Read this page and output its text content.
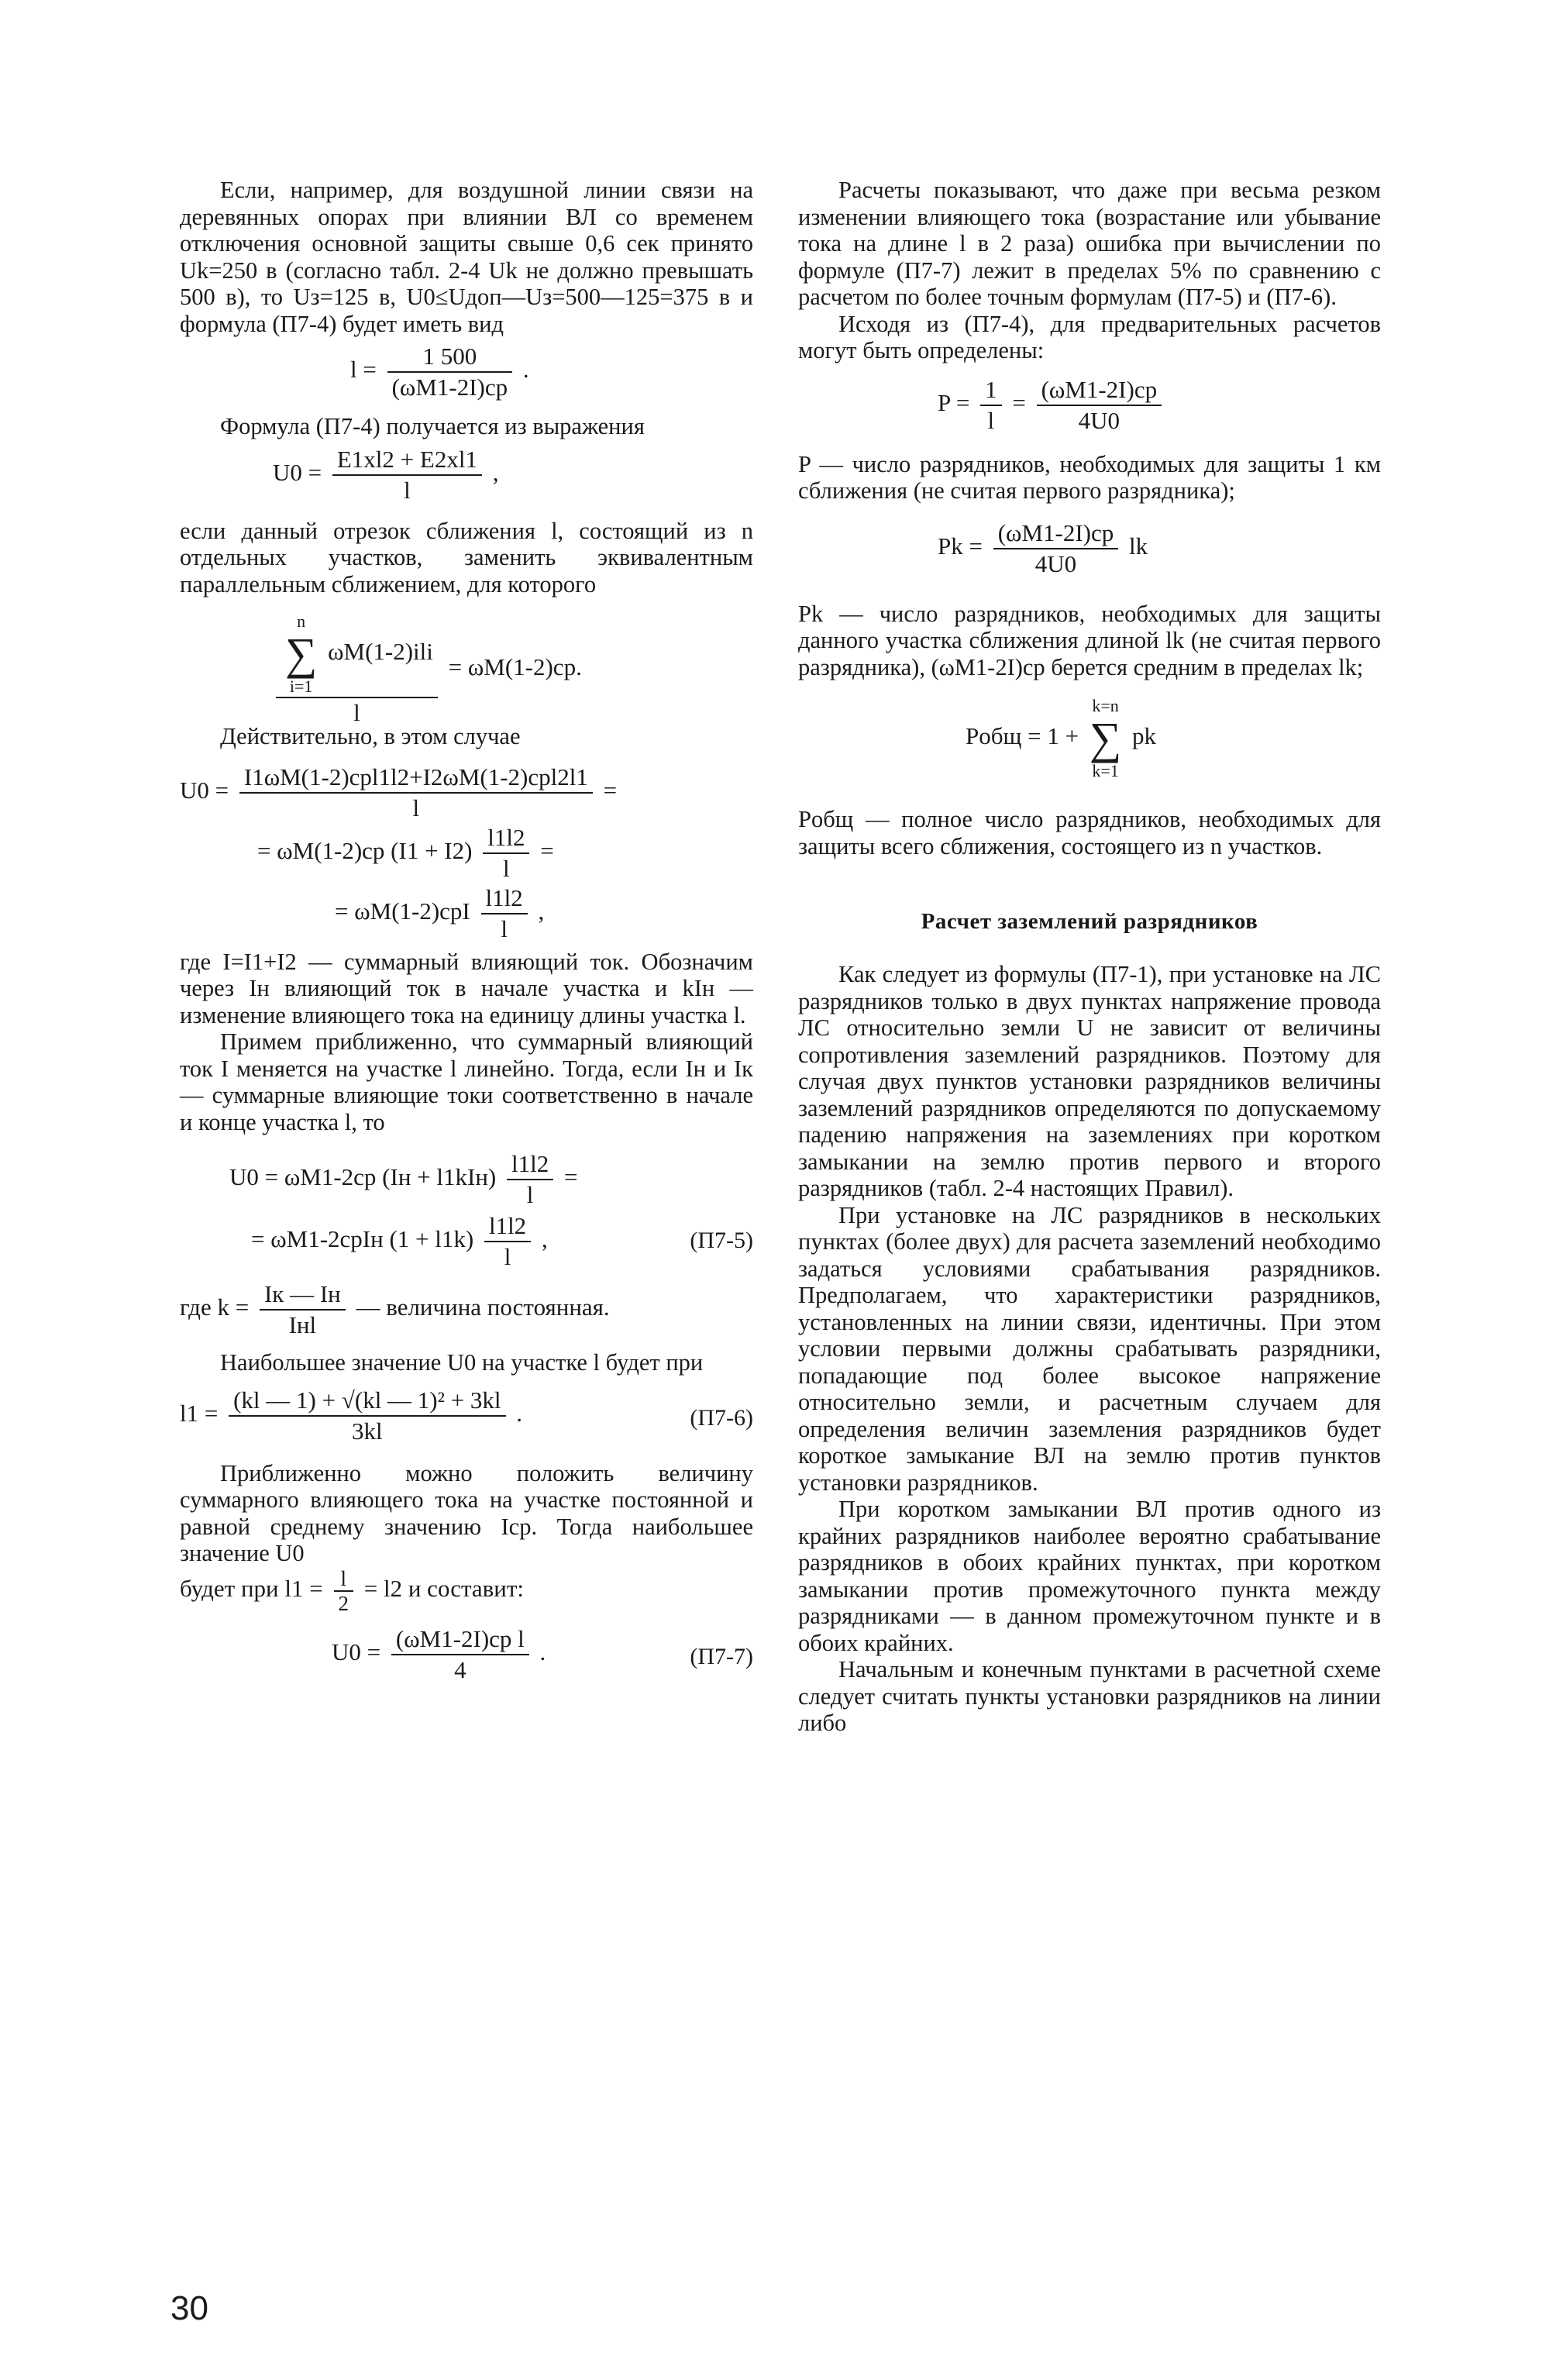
Если, например, для воздушной линии связи на деревянных опорах при влиянии ВЛ со временем отключения основной защиты свыше 0,6 сек принято Uk=250 в (согласно табл. 2-4 Uk не должно превышать 500 в), то Uз=125 в, U0≤Uдоп—Uз=500—125=375 в и формула (П7-4) будет иметь вид

l =	1 500
(ωM1-2I)ср
.

Формула (П7-4) получается из выражения

$U0 = \frac{E1xl2 + E2xl1}{l}$ ,

если данный отрезок сближения l, состоящий из n отдельных участков, заменить эквивалентным параллельным сближением, для которого

n
∑
i=1
ωM(1-2)ili
l
= ωM(1-2)ср.

Действительно, в этом случае

U0 = I1ωM(1-2)срl1l2+I2ωM(1-2)срl2l1
l
=
= ωM(1-2)ср $(I1 + I2) \frac{l1l2}{l}$ =
= $\omega M(1-2)срI \frac{l1l2}{l}$ ,

где I=I1+I2 — суммарный влияющий ток. Обозначим через Iн влияющий ток в начале участка и kIн — изменение влияющего тока на единицу длины участка l.

Примем приближенно, что суммарный влияющий ток I меняется на участке l линейно. Тогда, если Iн и Iк — суммарные влияющие токи соответственно в начале и конце участка l, то

U0 = ωM1-2ср $(Iн + l1kIн) \frac{l1l2}{l}$ =
= ωM1-2срIн $(1 + l1k) \frac{l1l2}{l}$ ,	(П7-5)
где k = Iк — Iн
Iнl
— величина постоянная.

Наибольшее значение U0 на участке l будет при

$l1 = \frac{\text{(kl — 1) + √(kl — 1)² + 3kl}}{3kl}$ .	(П7-6)

Приближенно можно положить величину суммарного влияющего тока на участке постоянной и равной среднему значению Iср. Тогда наибольшее значение U0

будет при $l1 = \frac{l}{2} = l2$ и составит:
U0 = (ωM1-2I)ср l
4
.	(П7-7)

Расчеты показывают, что даже при весьма резком изменении влияющего тока (возрастание или убывание тока на длине l в 2 раза) ошибка при вычислении по формуле (П7-7) лежит в пределах 5% по сравнению с расчетом по более точным формулам (П7-5) и (П7-6).

Исходя из (П7-4), для предварительных расчетов могут быть определены:

$P = \frac{1}{l} = (\omega M1-2I)ср$
4U0

P — число разрядников, необходимых для защиты 1 км сближения (не считая первого разрядника);

Pk = (ωM1-2I)ср
4U0
lk

Pk — число разрядников, необходимых для защиты данного участка сближения длиной lk (не считая первого разрядника), (ωM1-2I)ср берется средним в пределах lk;

Pобщ = 1 +
k=n
∑
k=1
pk

Pобщ — полное число разрядников, необходимых для защиты всего сближения, состоящего из n участков.

Расчет заземлений разрядников

Как следует из формулы (П7-1), при установке на ЛС разрядников только в двух пунктах напряжение провода ЛС относительно земли U не зависит от величины сопротивления заземлений разрядников. Поэтому для случая двух пунктов установки разрядников величины заземлений разрядников определяются по допускаемому падению напряжения на заземлениях при коротком замыкании на землю против первого и второго разрядников (табл. 2-4 настоящих Правил).

При установке на ЛС разрядников в нескольких пунктах (более двух) для расчета заземлений необходимо задаться условиями срабатывания разрядников. Предполагаем, что характеристики разрядников, установленных на линии связи, идентичны. При этом условии первыми должны срабатывать разрядники, попадающие под более высокое напряжение относительно земли, и расчетным случаем для определения величин заземления разрядников будет короткое замыкание ВЛ на землю против пунктов установки разрядников.

При коротком замыкании ВЛ против одного из крайних разрядников наиболее вероятно срабатывание разрядников в обоих крайних пунктах, при коротком замыкании против промежуточного пункта между разрядниками — в данном промежуточном пункте и в обоих крайних.

Начальным и конечным пунктами в расчетной схеме следует считать пункты установки разрядников на линии либо

30
